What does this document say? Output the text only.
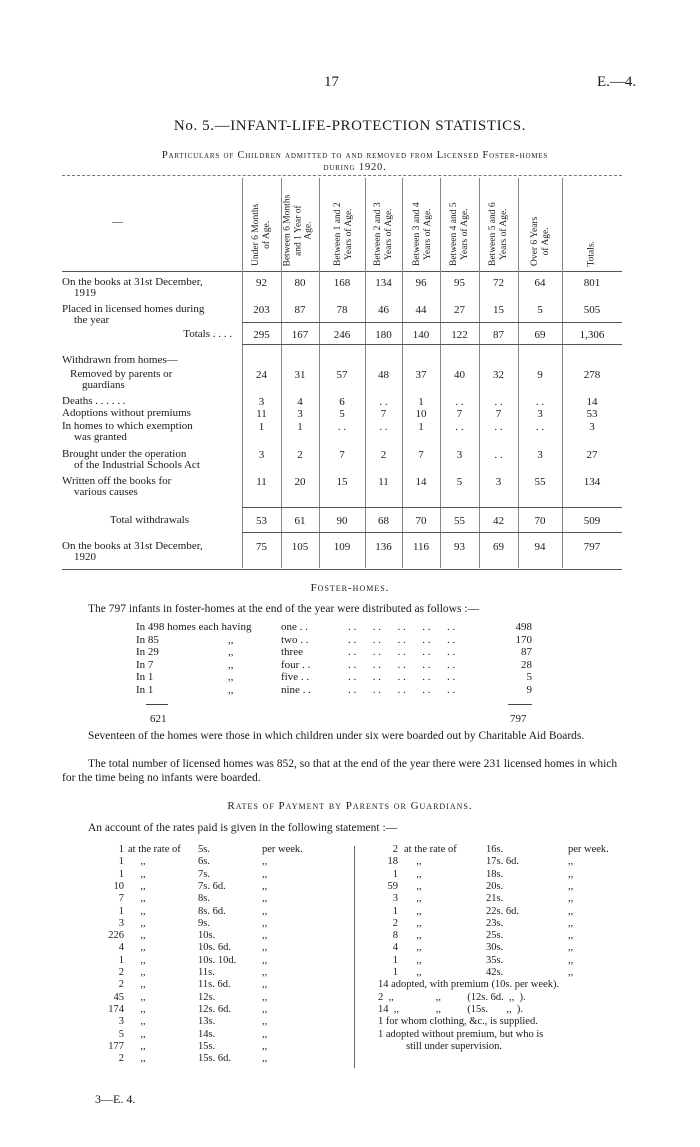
17	E.—4.
No. 5.—INFANT-LIFE-PROTECTION STATISTICS.
Particulars of Children admitted to and removed from Licensed Foster-homes
during 1920.
—	Under 6 Months of Age. Between 6 Months and 1 Year of Age. Between 1 and 2 Years of Age. Between 2 and 3 Years of Age. Between 3 and 4 Years of Age. Between 4 and 5 Years of Age. Between 5 and 6 Years of Age. Over 6 Years of Age.	Totals.
On the books at 31st December,
1919
92	80	168	134	96	95	72	64	801
Placed in licensed homes during
the year
203	87	78	46	44	27	15	5	505
Totals . . . .	295	167	246	180	140	122	87	69	1,306
Removed by parents or
guardians
24	31	57	48	37	40	32	9	278
Deaths . . . . . .	3	4	6	. .	1	. .	. .	. .	14
Adoptions without premiums	11	3	5	7	10	7	7	3	53
In homes to which exemption
was granted
1	1	. .	. .	1	. .	. .	. .	3
Brought under the operation
of the Industrial Schools Act
3	2	7	2	7	3	. .	3	27
Written off the books for
various causes
11	20	15	11	14	5	3	55	134
Total withdrawals	53	61	90	68	70	55	42	70	509
On the books at 31st December,
1920
75	105	109	136	116	93	69	94	797
Withdrawn from homes—
Foster-homes.
The 797 infants in foster-homes at the end of the year were distributed as follows :—
In 498 homes each having	one . .	. .      . .      . .      . .      . .	498
In 85	,,	two . .	. .      . .      . .      . .      . .	170
In 29	,,	three	. .      . .      . .      . .      . .	87
In 7	,,	four . .	. .      . .      . .      . .      . .	28
In 1	,,	five . .	. .      . .      . .      . .      . .	5
In 1	,,	nine . .	. .      . .      . .      . .      . .	9
621	797
Seventeen of the homes were those in which children under six were boarded out by Charitable Aid Boards.
The total number of licensed homes was 852, so that at the end of the year there were 231 licensed homes in which for the time being no infants were boarded.
Rates of Payment by Parents or Guardians.
An account of the rates paid is given in the following statement :—
1 at the rate of	5s.	per week.
1	,,	6s.	,,
1	,,	7s.	,,
10	,,	7s. 6d.	,,
7	,,	8s.	,,
1	,,	8s. 6d.	,,
3	,,	9s.	,,
226	,,	10s.	,,
4	,,	10s. 6d.	,,
1	,,	10s. 10d.	,,
2	,,	11s.	,,
2	,,	11s. 6d.	,,
45	,,	12s.	,,
174	,,	12s. 6d.	,,
3	,,	13s.	,,
5	,,	14s.	,,
177	,,	15s.	,,
2	,,	15s. 6d.	,,
2 at the rate of	16s.	per week.
18	,,	17s. 6d.	,,
1	,,	18s.	,,
59	,,	20s.	,,
3	,,	21s.	,,
1	,,	22s. 6d.	,,
2	,,	23s.	,,
8	,,	25s.	,,
4	,,	30s.	,,
1	,,	35s.	,,
1	,,	42s.	,,
14 adopted, with premium (10s. per week).
2  ,,                ,,          (12s. 6d.  ,,  ).
14  ,,              ,,          (15s.       ,,  ).
1 for whom clothing, &c., is supplied.
1 adopted without premium, but who is
still under supervision.
3—E. 4.
